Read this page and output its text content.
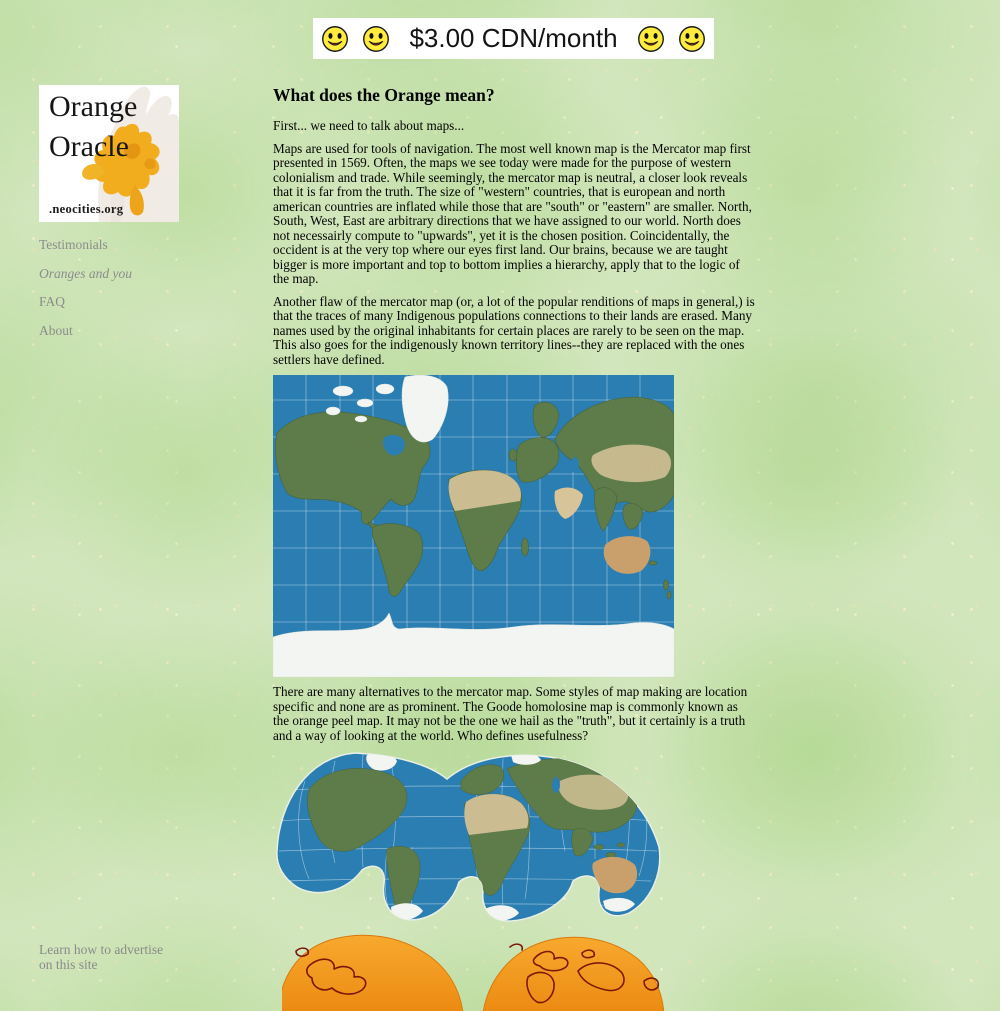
$3.00 CDN/month
Orange
Oracle
.neocities.org
Testimonials
Oranges and you
FAQ
About
Learn how to advertise on this site
What does the Orange mean?

First... we need to talk about maps...

Maps are used for tools of navigation. The most well known map is the Mercator map first presented in 1569. Often, the maps we see today were made for the purpose of western colonialism and trade. While seemingly, the mercator map is neutral, a closer look reveals that it is far from the truth. The size of "western" countries, that is european and north american countries are inflated while those that are "south" or "eastern" are smaller. North, South, West, East are arbitrary directions that we have assigned to our world. North does not necessairly compute to "upwards", yet it is the chosen position. Coincidentally, the occident is at the very top where our eyes first land. Our brains, because we are taught bigger is more important and top to bottom implies a hierarchy, apply that to the logic of the map.

Another flaw of the mercator map (or, a lot of the popular renditions of maps in general,) is that the traces of many Indigenous populations connections to their lands are erased. Many names used by the original inhabitants for certain places are rarely to be seen on the map. This also goes for the indigenously known territory lines--they are replaced with the ones settlers have defined.

There are many alternatives to the mercator map. Some styles of map making are location specific and none are as prominent. The Goode homolosine map is commonly known as the orange peel map. It may not be the one we hail as the "truth", but it certainly is a truth and a way of looking at the world. Who defines usefulness?
